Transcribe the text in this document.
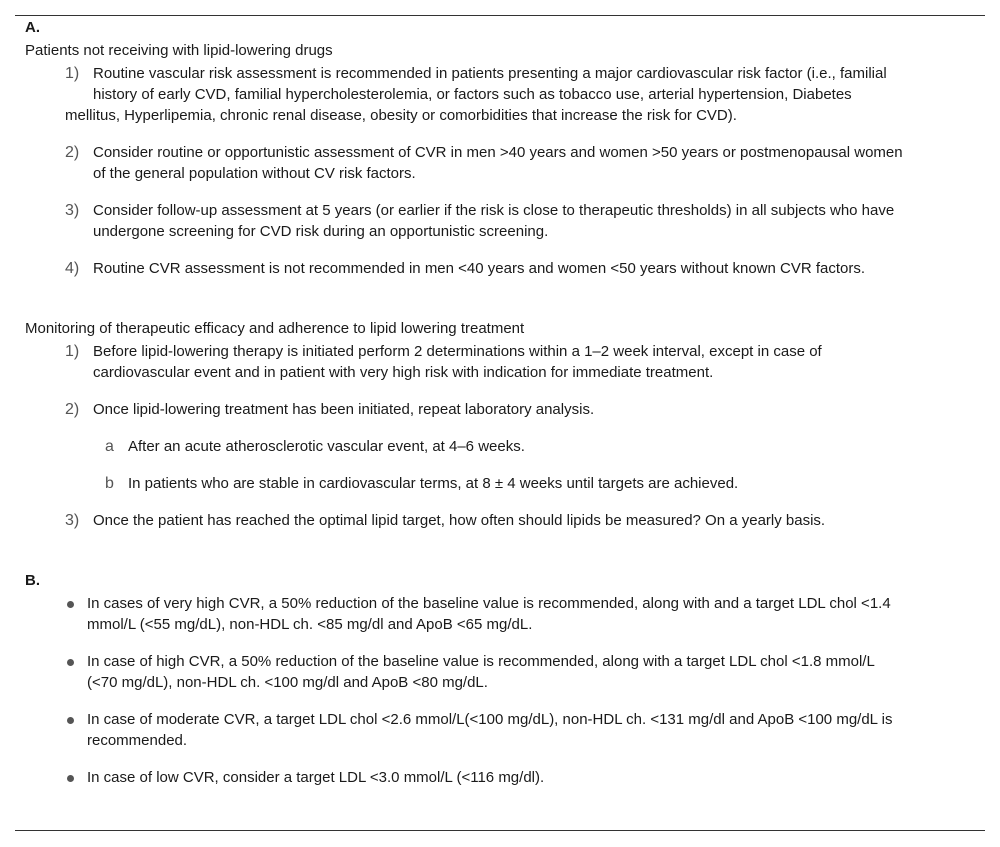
A.
Patients not receiving with lipid-lowering drugs
1) Routine vascular risk assessment is recommended in patients presenting a major cardiovascular risk factor (i.e., familial
history of early CVD, familial hypercholesterolemia, or factors such as tobacco use, arterial hypertension, Diabetes
mellitus, Hyperlipemia, chronic renal disease, obesity or comorbidities that increase the risk for CVD).
2) Consider routine or opportunistic assessment of CVR in men >40 years and women >50 years or postmenopausal women
of the general population without CV risk factors.
3) Consider follow-up assessment at 5 years (or earlier if the risk is close to therapeutic thresholds) in all subjects who have
undergone screening for CVD risk during an opportunistic screening.
4) Routine CVR assessment is not recommended in men <40 years and women <50 years without known CVR factors.
Monitoring of therapeutic efficacy and adherence to lipid lowering treatment
1) Before lipid-lowering therapy is initiated perform 2 determinations within a 1–2 week interval, except in case of
cardiovascular event and in patient with very high risk with indication for immediate treatment.
2) Once lipid-lowering treatment has been initiated, repeat laboratory analysis.
a After an acute atherosclerotic vascular event, at 4–6 weeks.
b In patients who are stable in cardiovascular terms, at 8 ± 4 weeks until targets are achieved.
3) Once the patient has reached the optimal lipid target, how often should lipids be measured? On a yearly basis.
B.
In cases of very high CVR, a 50% reduction of the baseline value is recommended, along with and a target LDL chol <1.4
mmol/L (<55 mg/dL), non-HDL ch. <85 mg/dl and ApoB <65 mg/dL.
In case of high CVR, a 50% reduction of the baseline value is recommended, along with a target LDL chol <1.8 mmol/L
(<70 mg/dL), non-HDL ch. <100 mg/dl and ApoB <80 mg/dL.
In case of moderate CVR, a target LDL chol <2.6 mmol/L(<100 mg/dL), non-HDL ch. <131 mg/dl and ApoB <100 mg/dL is
recommended.
In case of low CVR, consider a target LDL <3.0 mmol/L (<116 mg/dl).
